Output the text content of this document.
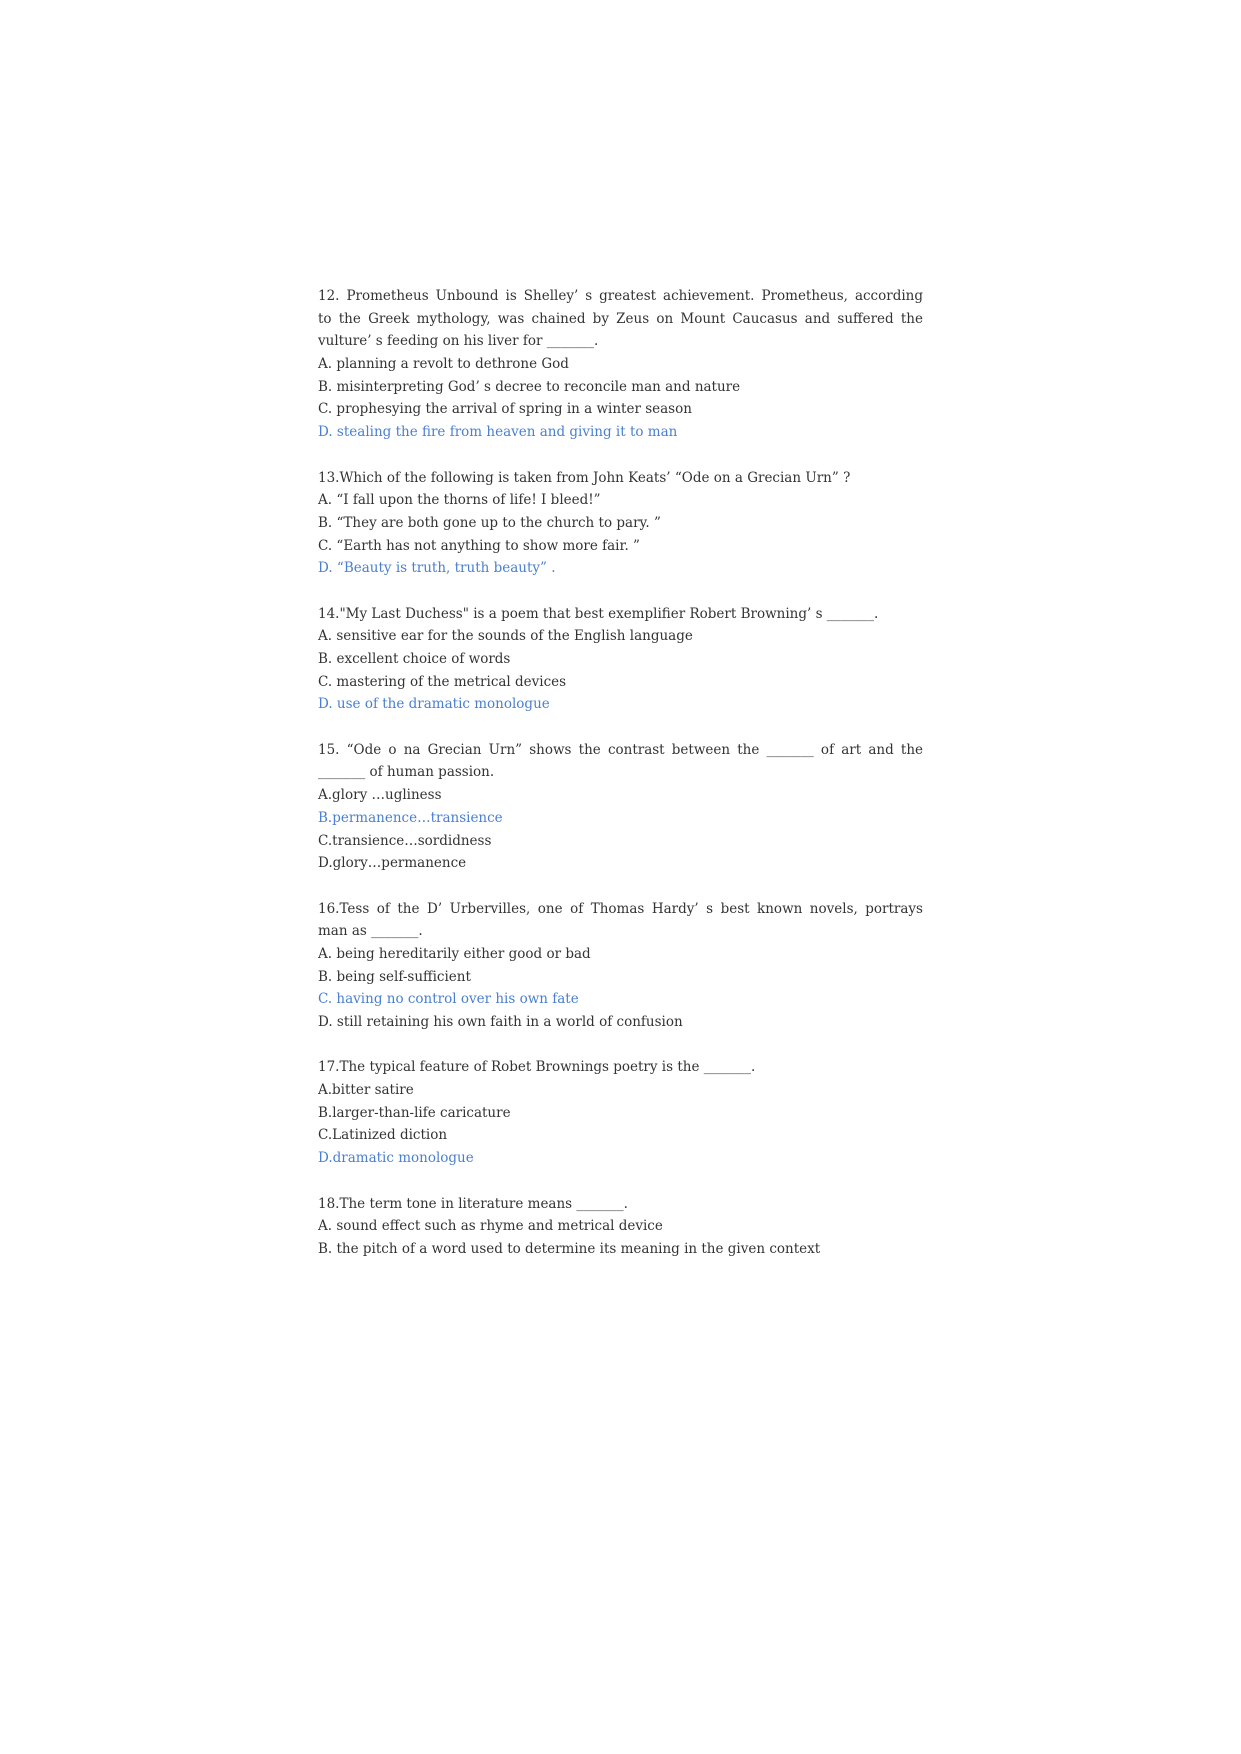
12. Prometheus Unbound is Shelley’ s greatest achievement. Prometheus, according
to the Greek mythology, was chained by Zeus on Mount Caucasus and suffered the
vulture’ s feeding on his liver for _______.
A. planning a revolt to dethrone God
B. misinterpreting God’ s decree to reconcile man and nature
C. prophesying the arrival of spring in a winter season
D. stealing the fire from heaven and giving it to man
13.Which of the following is taken from John Keats’ “Ode on a Grecian Urn” ?
A. “I fall upon the thorns of life! I bleed!”
B. “They are both gone up to the church to pary. ”
C. “Earth has not anything to show more fair. ”
D. “Beauty is truth, truth beauty” .
14."My Last Duchess" is a poem that best exemplifier Robert Browning’ s _______.
A. sensitive ear for the sounds of the English language
B. excellent choice of words
C. mastering of the metrical devices
D. use of the dramatic monologue
15. “Ode o na Grecian Urn” shows the contrast between the _______ of art and the
_______ of human passion.
A.glory …ugliness
B.permanence…transience
C.transience…sordidness
D.glory…permanence
16.Tess of the D’ Urbervilles, one of Thomas Hardy’ s best known novels, portrays
man as _______.
A. being hereditarily either good or bad
B. being self-sufficient
C. having no control over his own fate
D. still retaining his own faith in a world of confusion
17.The typical feature of Robet Brownings poetry is the _______.
A.bitter satire
B.larger-than-life caricature
C.Latinized diction
D.dramatic monologue
18.The term tone in literature means _______.
A. sound effect such as rhyme and metrical device
B. the pitch of a word used to determine its meaning in the given context
